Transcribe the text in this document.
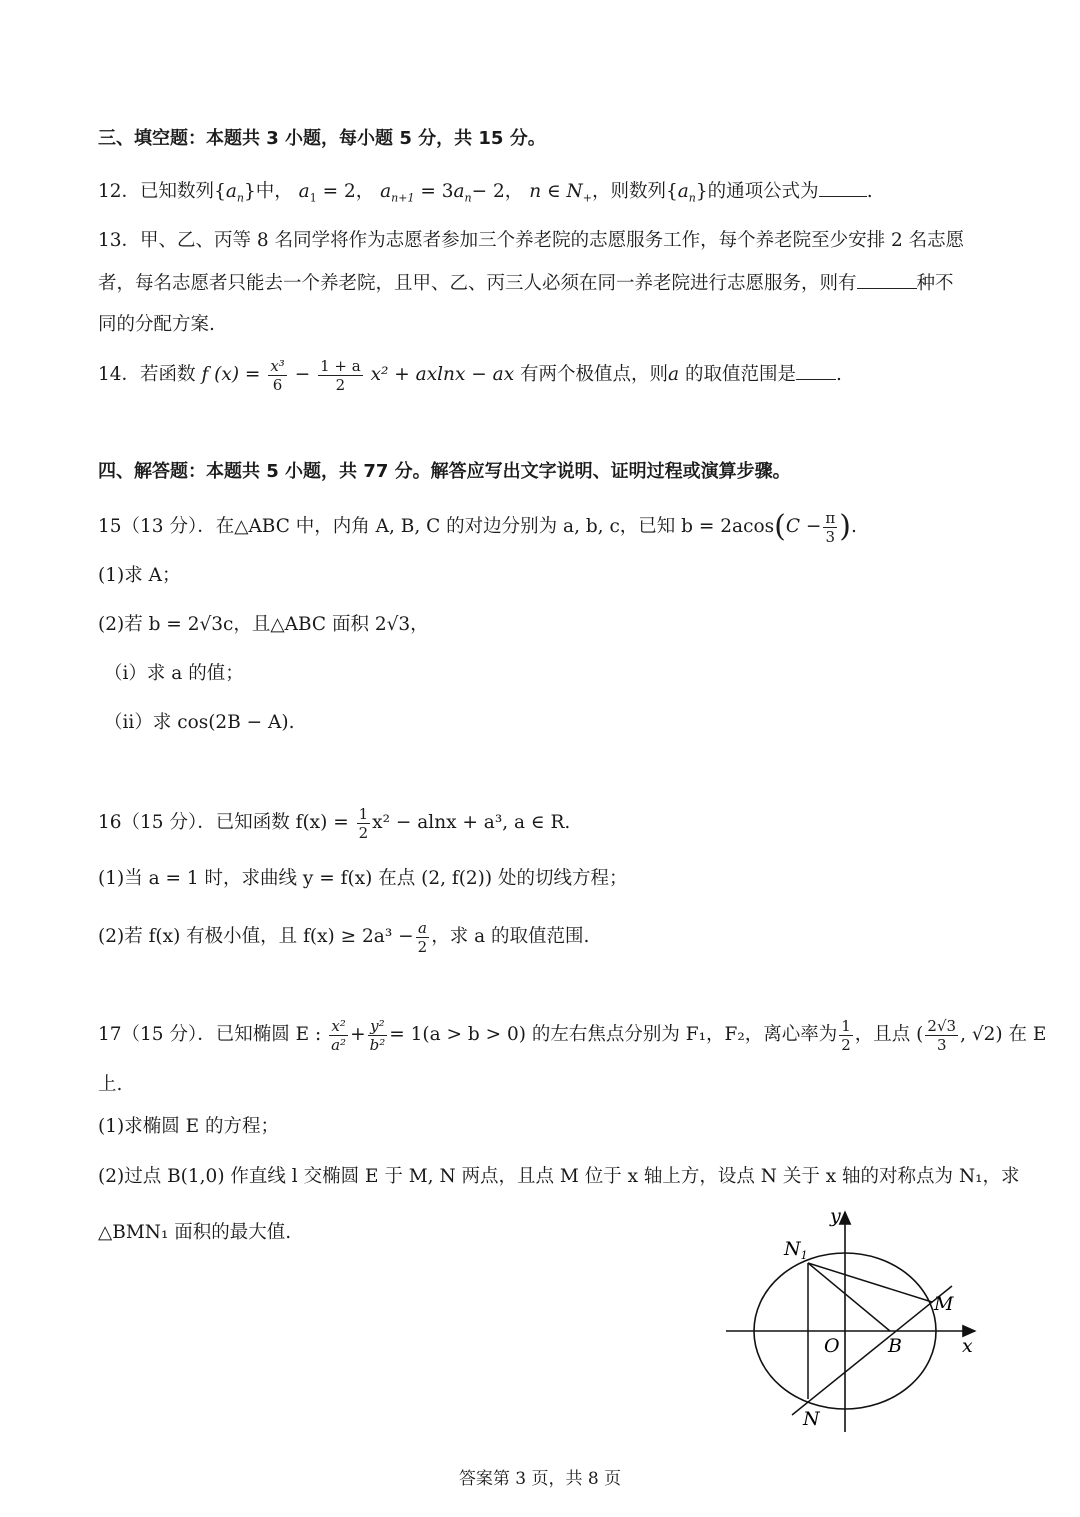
三、填空题：本题共 3 小题，每小题 5 分，共 15 分。
12．已知数列$\{a_n\}$中， $a_1 = 2$， $a_{n+1} = 3a_n- 2$， n ∈ $N_+$，则数列$\{a_n\}$的通项公式为	.
13．甲、乙、丙等 8 名同学将作为志愿者参加三个养老院的志愿服务工作，每个养老院至少安排 2 名志愿
者，每名志愿者只能去一个养老院，且甲、乙、丙三人必须在同一养老院进行志愿服务，则有	种不
同的分配方案.
14．若函数 f $(x) = \frac{\text{x³}}{6} - \frac{1 + a}{2} x^2 + axlnx$ − ax 有两个极值点，则a 的取值范围是 .
四、解答题：本题共 5 小题，共 77 分。解答应写出文字说明、证明过程或演算步骤。
15（13 分）．在△ABC 中，内角 A, B, C 的对边分别为 a, b, c，已知 $b = 2acos(C - \frac{\pi}{3}$ ).
(1)求 A；
(2)若 b = 2√3c，且△ABC 面积 2√3，
（i）求 a 的值；
（ii）求 cos(2B − A).
16（15 分）．已知函数 $f(x) = \frac{1}{2} x^2 - alnx + a^3$, a ∈ R.
(1)当 a = 1 时，求曲线 y = f(x) 在点 (2, f(2)) 处的切线方程；
(2)若 f(x) 有极小值，且 $f(x) \ge 2a^3 - \frac{a}{2}$ ，求 a 的取值范围.
17（15 分）．已知椭圆 E : $\frac{\text{x²}}{\text{a²}} + \frac{\text{y²}}{\text{b²}} = 1(a > b > 0)$ 的左右焦点分别为 F₁，F₂，离心率为 $\frac{1}{2}$ ，且点 ( $\frac{2√3}{3}$ , √2) 在 E
上.
(1)求椭圆 E 的方程；
(2)过点 B(1,0) 作直线 l 交椭圆 E 于 M, N 两点，且点 M 位于 x 轴上方，设点 N 关于 x 轴的对称点为 N₁，求
△BMN₁ 面积的最大值.
y
x
O	B
M
N
$N_1$
答案第 3 页，共 8 页
